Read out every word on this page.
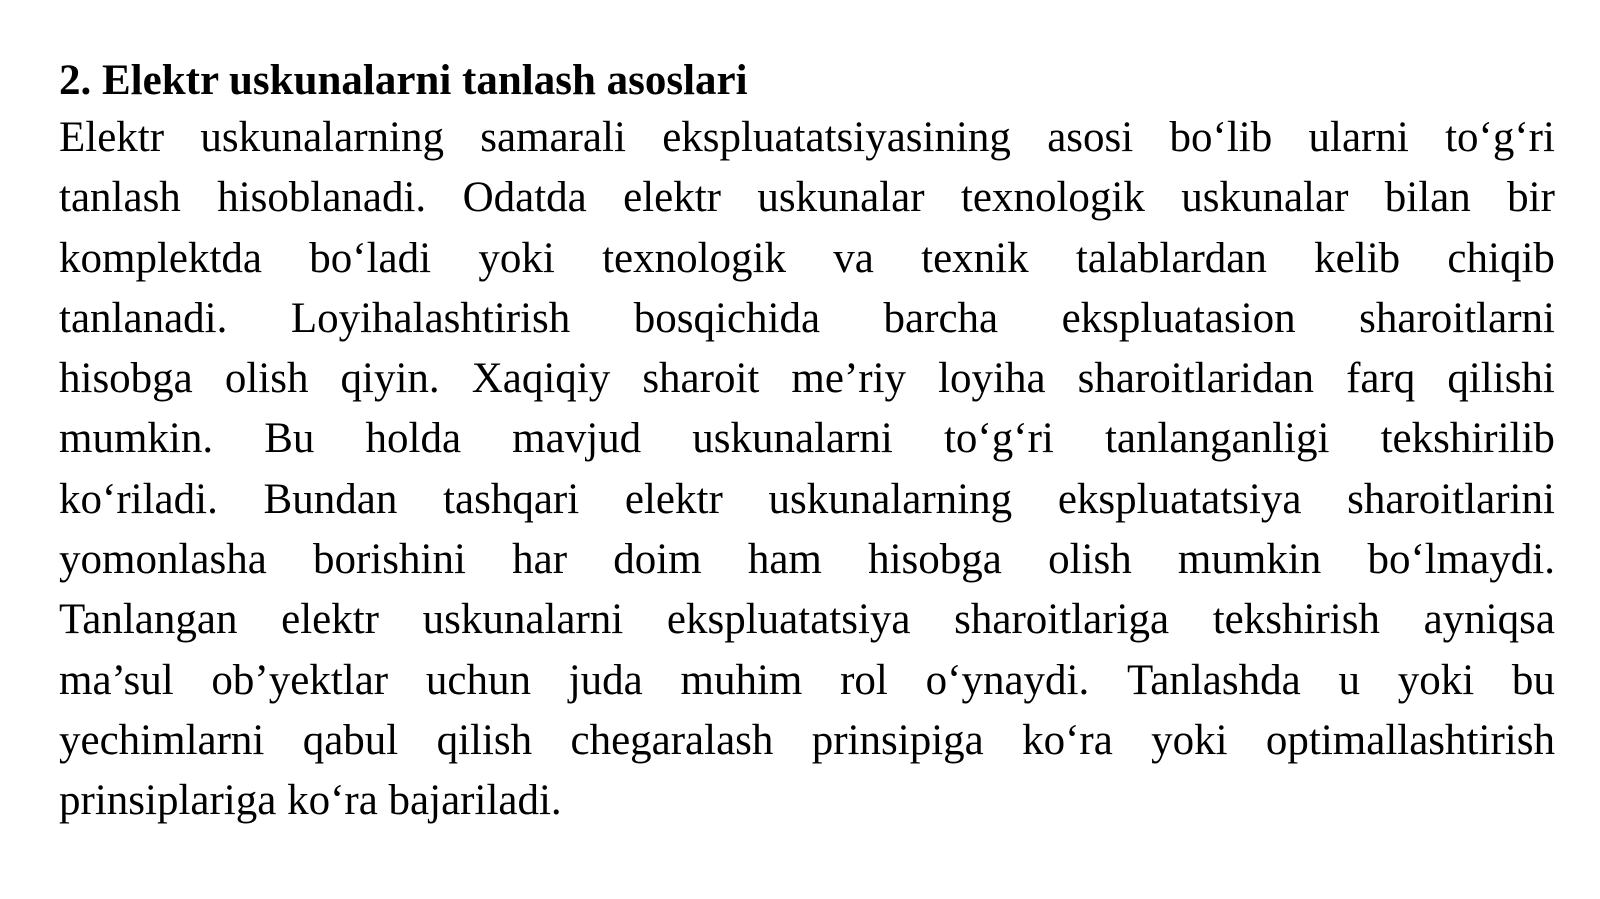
2. Elektr uskunalarni tanlash asoslari
Elektr uskunalarning samarali ekspluatatsiyasining asosi bo‘lib ularni to‘g‘ri
tanlash hisoblanadi. Odatda elektr uskunalar texnologik uskunalar bilan bir
komplektda bo‘ladi yoki texnologik va texnik talablardan kelib chiqib
tanlanadi. Loyihalashtirish bosqichida barcha ekspluatasion sharoitlarni
hisobga olish qiyin. Xaqiqiy sharoit me’riy loyiha sharoitlaridan farq qilishi
mumkin. Bu holda mavjud uskunalarni to‘g‘ri tanlanganligi tekshirilib
ko‘riladi. Bundan tashqari elektr uskunalarning ekspluatatsiya sharoitlarini
yomonlasha borishini har doim ham hisobga olish mumkin bo‘lmaydi.
Tanlangan elektr uskunalarni ekspluatatsiya sharoitlariga tekshirish ayniqsa
ma’sul ob’yektlar uchun juda muhim rol o‘ynaydi. Tanlashda u yoki bu
yechimlarni qabul qilish chegaralash prinsipiga ko‘ra yoki optimallashtirish
prinsiplariga ko‘ra bajariladi.
